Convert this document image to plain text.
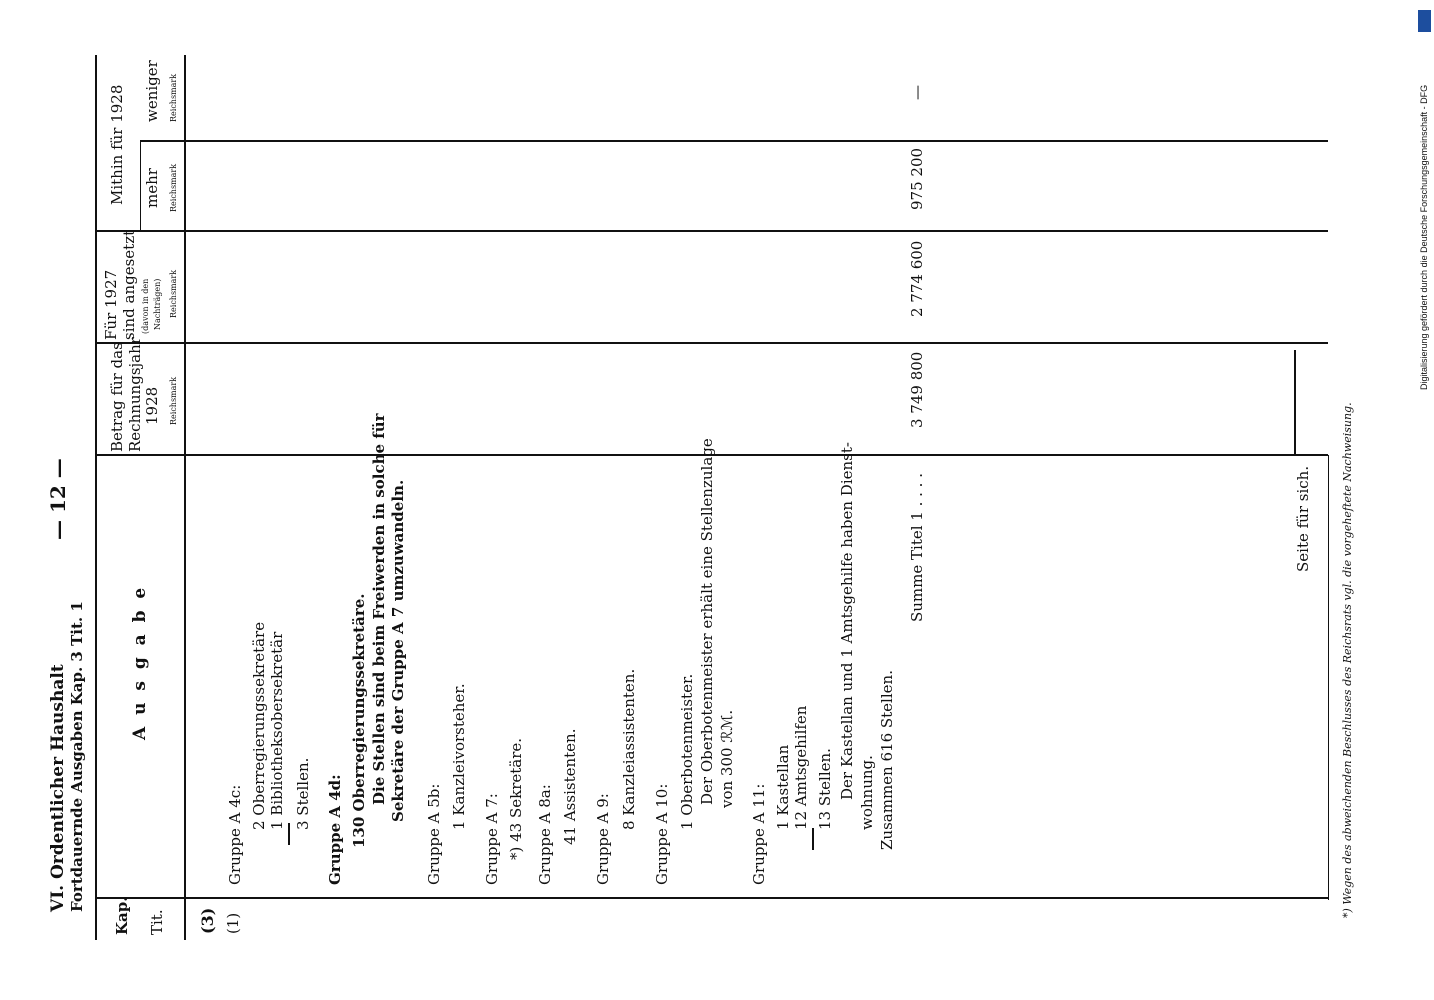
VI. Ordentlicher Haushalt Fortdauernde Ausgaben Kap. 3 Tit. 1
— 12 —
Kap. Tit.
A u s g a b e
Betrag für das Rechnungsjahr 1928 Reichsmark
Für 1927 sind angesetzt (davon in den Nachträgen) Reichsmark
Mithin für 1928 mehr Reichsmark
weniger Reichsmark
(3) (1)
Gruppe A 4c:
2 Oberregierungssekretäre 1 Bibliotheksobersekretär 3 Stellen. Gruppe A 4d: 130 Oberregierungssekretäre. Die Stellen sind beim Freiwerden in solche für Sekretäre der Gruppe A 7 umzuwandeln.
Gruppe A 5b:
1 Kanzleivorsteher.
Gruppe A 7: *) 43 Sekretäre. Gruppe A 8a: 41 Assistenten. Gruppe A 9:
8 Kanzleiassistenten.
Gruppe A 10:
1 Oberbotenmeister. Der Oberbotenmeister erhält eine Stellenzulage von 300 ℛℳ.
Gruppe A 11: 1 Kastellan 12 Amtsgehilfen 13 Stellen. Der Kastellan und 1 Amtsgehilfe haben Dienst- wohnung. Zusammen 616 Stellen.
Summe Titel 1 . . . .	Seite für sich.
3 749 800
2 774 600
975 200
—
*) Wegen des abweichenden Beschlusses des Reichsrats vgl. die vorgeheftete Nachweisung.
Digitalisierung gefördert durch die Deutsche Forschungsgemeinschaft - DFG
